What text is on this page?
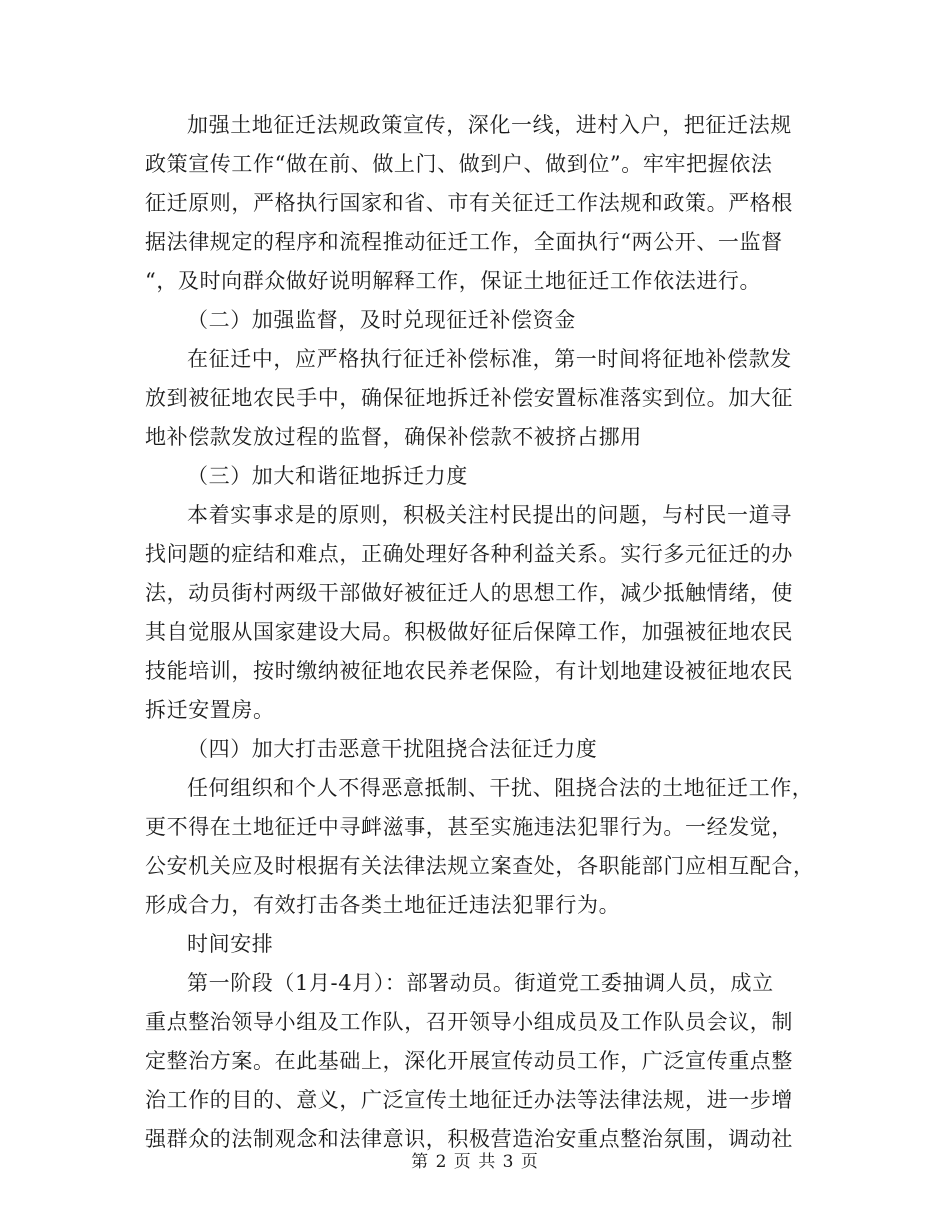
加强土地征迁法规政策宣传，深化一线，进村入户，把征迁法规
政策宣传工作“做在前、做上门、做到户、做到位”。牢牢把握依法
征迁原则，严格执行国家和省、市有关征迁工作法规和政策。严格根
据法律规定的程序和流程推动征迁工作，全面执行“两公开、一监督
“，及时向群众做好说明解释工作，保证土地征迁工作依法进行。
（二）加强监督，及时兑现征迁补偿资金
在征迁中，应严格执行征迁补偿标准，第一时间将征地补偿款发
放到被征地农民手中，确保征地拆迁补偿安置标准落实到位。加大征
地补偿款发放过程的监督，确保补偿款不被挤占挪用
（三）加大和谐征地拆迁力度
本着实事求是的原则，积极关注村民提出的问题，与村民一道寻
找问题的症结和难点，正确处理好各种利益关系。实行多元征迁的办
法，动员街村两级干部做好被征迁人的思想工作，减少抵触情绪，使
其自觉服从国家建设大局。积极做好征后保障工作，加强被征地农民
技能培训，按时缴纳被征地农民养老保险，有计划地建设被征地农民
拆迁安置房。
（四）加大打击恶意干扰阻挠合法征迁力度
任何组织和个人不得恶意抵制、干扰、阻挠合法的土地征迁工作，
更不得在土地征迁中寻衅滋事，甚至实施违法犯罪行为。一经发觉，
公安机关应及时根据有关法律法规立案查处，各职能部门应相互配合，
形成合力，有效打击各类土地征迁违法犯罪行为。
时间安排
第一阶段（1月-4月）：部署动员。街道党工委抽调人员，成立
重点整治领导小组及工作队，召开领导小组成员及工作队员会议，制
定整治方案。在此基础上，深化开展宣传动员工作，广泛宣传重点整
治工作的目的、意义，广泛宣传土地征迁办法等法律法规，进一步增
强群众的法制观念和法律意识，积极营造治安重点整治氛围，调动社
第 2 页 共 3 页
